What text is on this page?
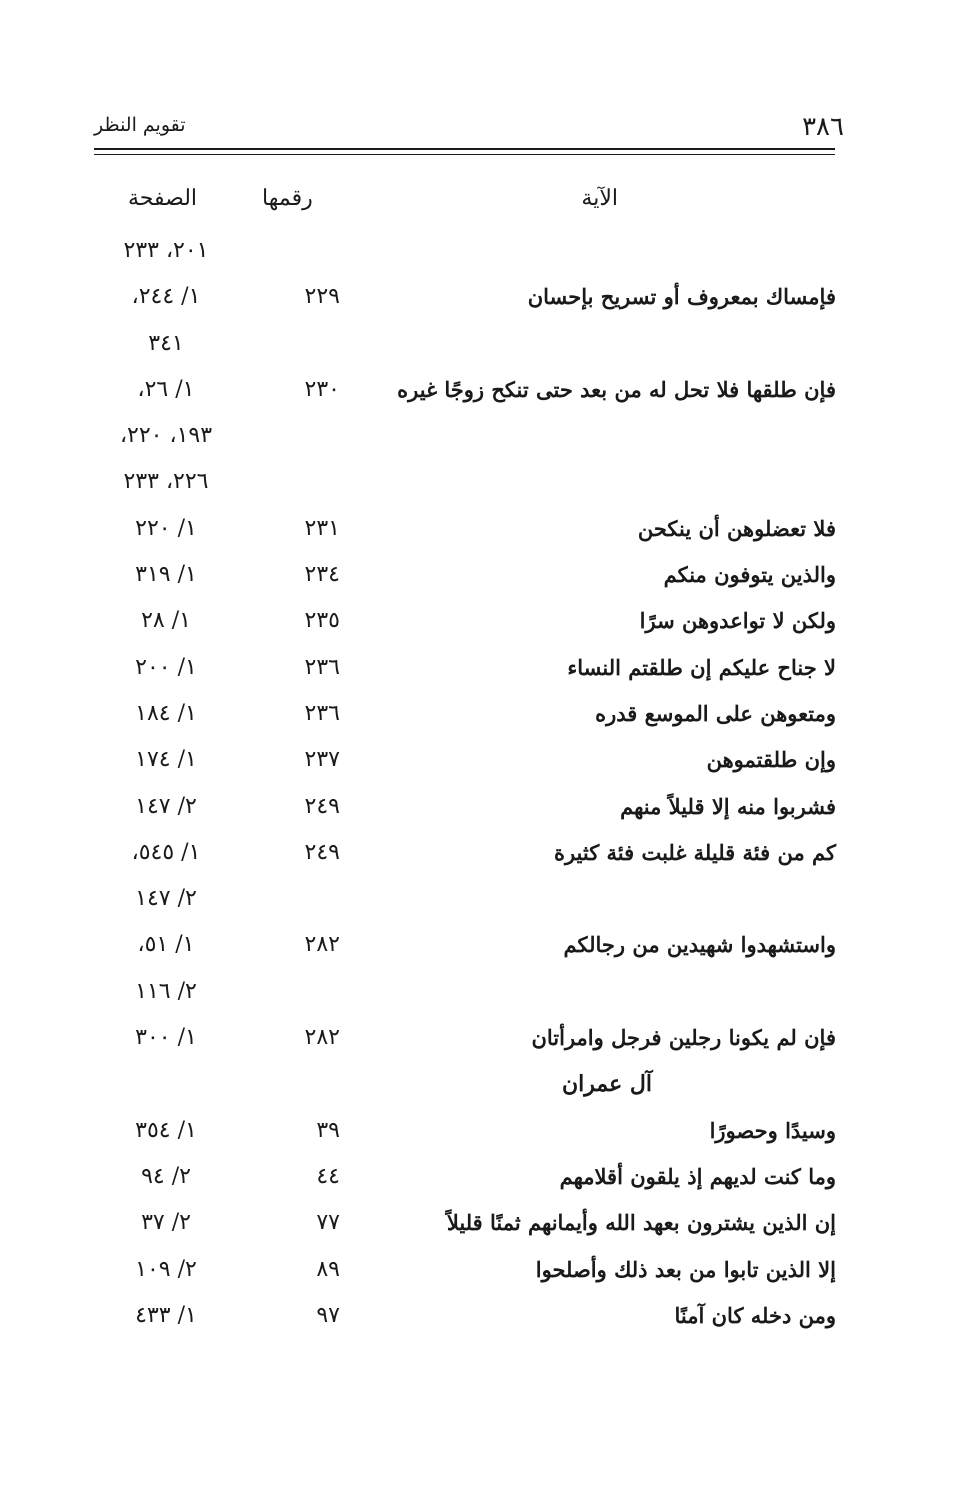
٣٨٦
تقويم النظر
الآية
رقمها
الصفحة
٢٠١، ٢٣٣
فإمساك بمعروف أو تسريح بإحسان
٢٢٩
١/ ٢٤٤،
٣٤١
فإن طلقها فلا تحل له من بعد حتى تنكح زوجًا غيره
٢٣٠
١/ ٢٦،
١٩٣، ٢٢٠،
٢٢٦، ٢٣٣
فلا تعضلوهن أن ينكحن
٢٣١
١/ ٢٢٠
والذين يتوفون منكم
٢٣٤
١/ ٣١٩
ولكن لا تواعدوهن سرًا
٢٣٥
١/ ٢٨
لا جناح عليكم إن طلقتم النساء
٢٣٦
١/ ٢٠٠
ومتعوهن على الموسع قدره
٢٣٦
١/ ١٨٤
وإن طلقتموهن
٢٣٧
١/ ١٧٤
فشربوا منه إلا قليلاً منهم
٢٤٩
٢/ ١٤٧
كم من فئة قليلة غلبت فئة كثيرة
٢٤٩
١/ ٥٤٥،
٢/ ١٤٧
واستشهدوا شهيدين من رجالكم
٢٨٢
١/ ٥١،
٢/ ١١٦
فإن لم يكونا رجلين فرجل وامرأتان
٢٨٢
١/ ٣٠٠
آل عمران
وسيدًا وحصورًا
٣٩
١/ ٣٥٤
وما كنت لديهم إذ يلقون أقلامهم
٤٤
٢/ ٩٤
إن الذين يشترون بعهد الله وأيمانهم ثمنًا قليلاً
٧٧
٢/ ٣٧
إلا الذين تابوا من بعد ذلك وأصلحوا
٨٩
٢/ ١٠٩
ومن دخله كان آمنًا
٩٧
١/ ٤٣٣
